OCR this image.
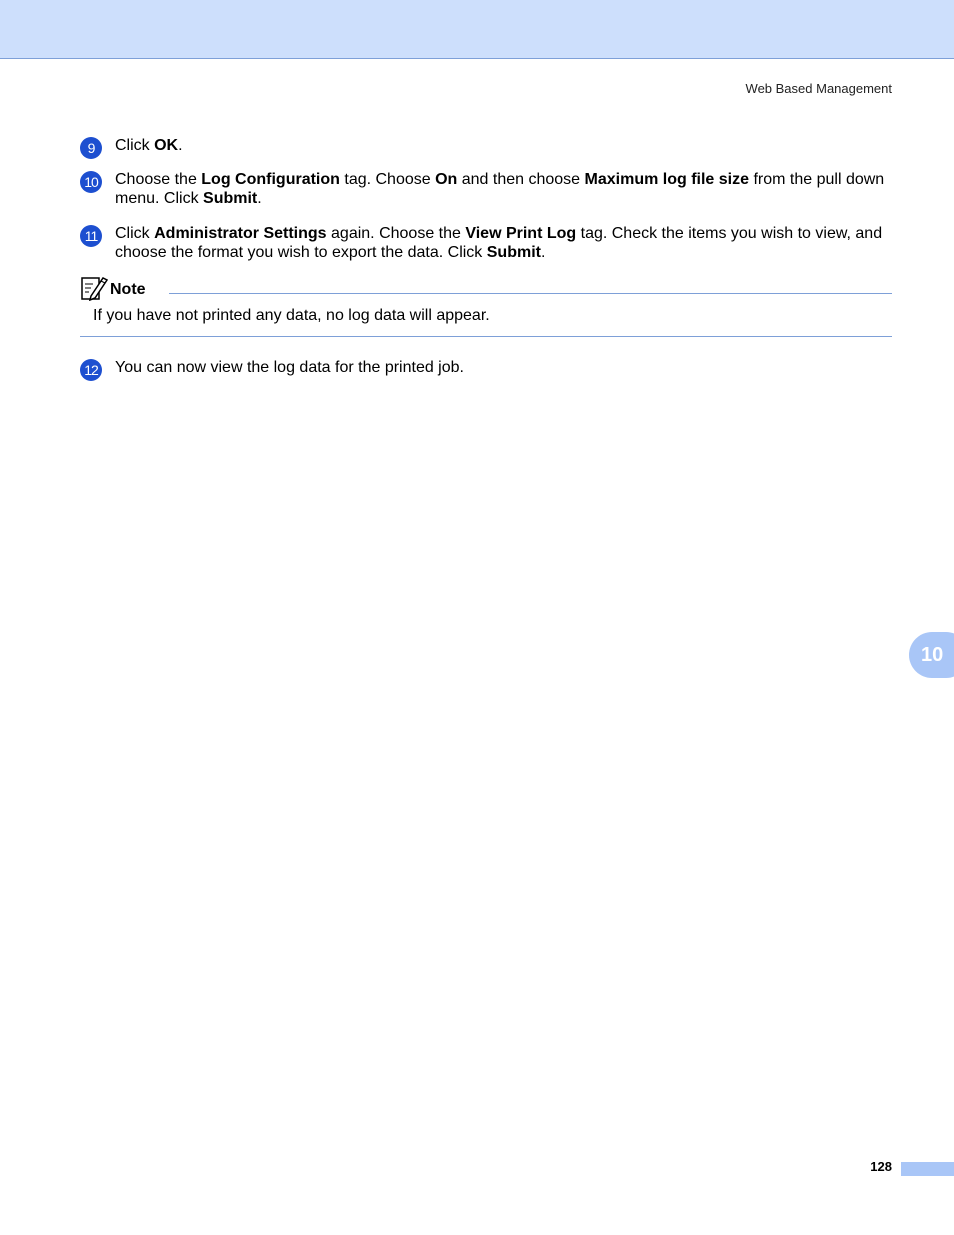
Web Based Management
9	Click OK.
10 Choose the Log Configuration tag. Choose On and then choose Maximum log file size from the pull down menu. Click Submit.
11 Click Administrator Settings again. Choose the View Print Log tag. Check the items you wish to view, and choose the format you wish to export the data. Click Submit.
Note
If you have not printed any data, no log data will appear.
12 You can now view the log data for the printed job.
10
128
